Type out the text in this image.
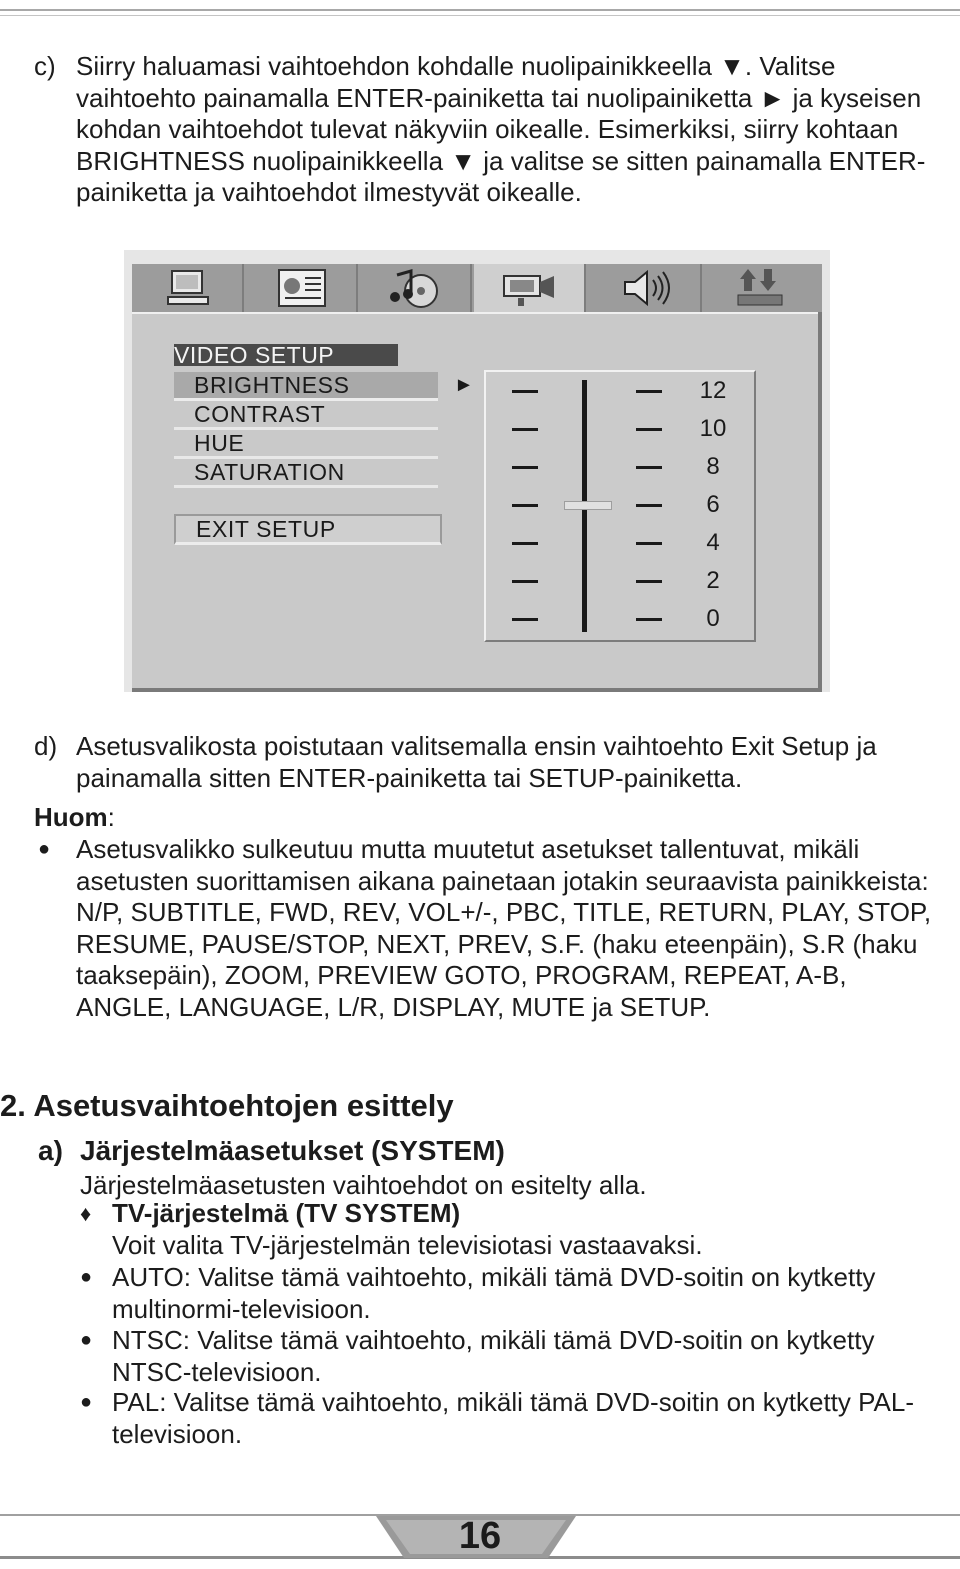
c) Siirry haluamasi vaihtoehdon kohdalle nuolipainikkeella ▼. Valitse vaihtoehto painamalla ENTER-painiketta tai nuolipainiketta ► ja kyseisen kohdan vaihtoehdot tulevat näkyviin oikealle. Esimerkiksi, siirry kohtaan BRIGHTNESS nuolipainikkeella ▼ ja valitse se sitten painamalla ENTER-painiketta ja vaihtoehdot ilmestyvät oikealle.

VIDEO SETUP
BRIGHTNESS
CONTRAST
HUE
SATURATION
EXIT SETUP
►	12
10
8
6
4
2
0
d) Asetusvalikosta poistutaan valitsemalla ensin vaihtoehto Exit Setup ja painamalla sitten ENTER-painiketta tai SETUP-painiketta.

Huom:
● Asetusvalikko sulkeutuu mutta muutetut asetukset tallentuvat, mikäli asetusten suorittamisen aikana painetaan jotakin seuraavista painikkeista: N/P, SUBTITLE, FWD, REV, VOL+/-, PBC, TITLE, RETURN, PLAY, STOP, RESUME, PAUSE/STOP, NEXT, PREV, S.F. (haku eteenpäin), S.R (haku taaksepäin), ZOOM, PREVIEW GOTO, PROGRAM, REPEAT, A-B, ANGLE, LANGUAGE, L/R, DISPLAY, MUTE ja SETUP.

2. Asetusvaihtoehtojen esittely
a) Järjestelmäasetukset (SYSTEM)

Järjestelmäasetusten vaihtoehdot on esitelty alla.

♦ TV-järjestelmä (TV SYSTEM)

Voit valita TV-järjestelmän televisiotasi vastaavaksi.

● AUTO: Valitse tämä vaihtoehto, mikäli tämä DVD-soitin on kytketty multinormi-televisioon.

● NTSC: Valitse tämä vaihtoehto, mikäli tämä DVD-soitin on kytketty NTSC-televisioon.

● PAL: Valitse tämä vaihtoehto, mikäli tämä DVD-soitin on kytketty PAL-televisioon.

16
